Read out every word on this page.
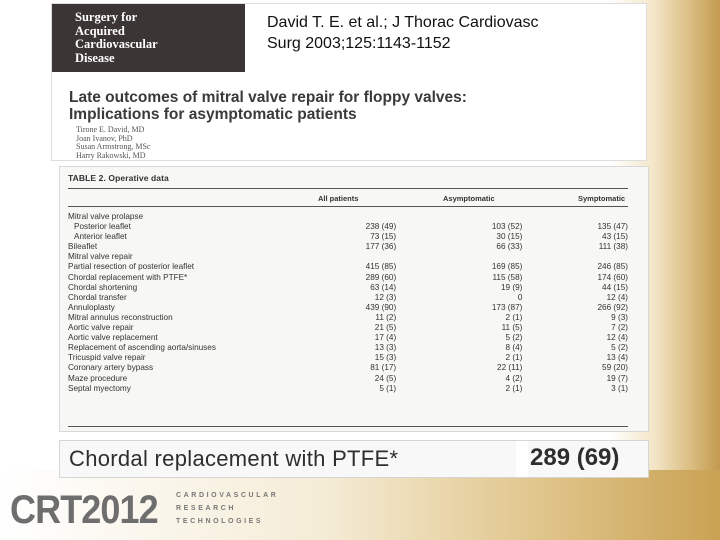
Surgery for
Acquired
Cardiovascular
Disease
David T. E. et al.; J Thorac Cardiovasc
Surg 2003;125:1143-1152
Late outcomes of mitral valve repair for floppy valves:
Implications for asymptomatic patients
Tirone E. David, MD
Joan Ivanov, PhD
Susan Armstrong, MSc
Harry Rakowski, MD
TABLE 2. Operative data
All patients	Asymptomatic	Symptomatic
Mitral valve prolapse			
Posterior leaflet	238 (49)	103 (52)	135 (47)
Anterior leaflet	73 (15)	30 (15)	43 (15)
Bileaflet	177 (36)	66 (33)	111 (38)
Mitral valve repair			
Partial resection of posterior leaflet	415 (85)	169 (85)	246 (85)
Chordal replacement with PTFE*	289 (60)	115 (58)	174 (60)
Chordal shortening	63 (14)	19 (9)	44 (15)
Chordal transfer	12 (3)	0	12 (4)
Annuloplasty	439 (90)	173 (87)	266 (92)
Mitral annulus reconstruction	11 (2)	2 (1)	9 (3)
Aortic valve repair	21 (5)	11 (5)	7 (2)
Aortic valve replacement	17 (4)	5 (2)	12 (4)
Replacement of ascending aorta/sinuses	13 (3)	8 (4)	5 (2)
Tricuspid valve repair	15 (3)	2 (1)	13 (4)
Coronary artery bypass	81 (17)	22 (11)	59 (20)
Maze procedure	24 (5)	4 (2)	19 (7)
Septal myectomy	5 (1)	2 (1)	3 (1)
Chordal replacement with PTFE*	289 (69)
CRT2012	CARDIOVASCULAR
RESEARCH
TECHNOLOGIES
